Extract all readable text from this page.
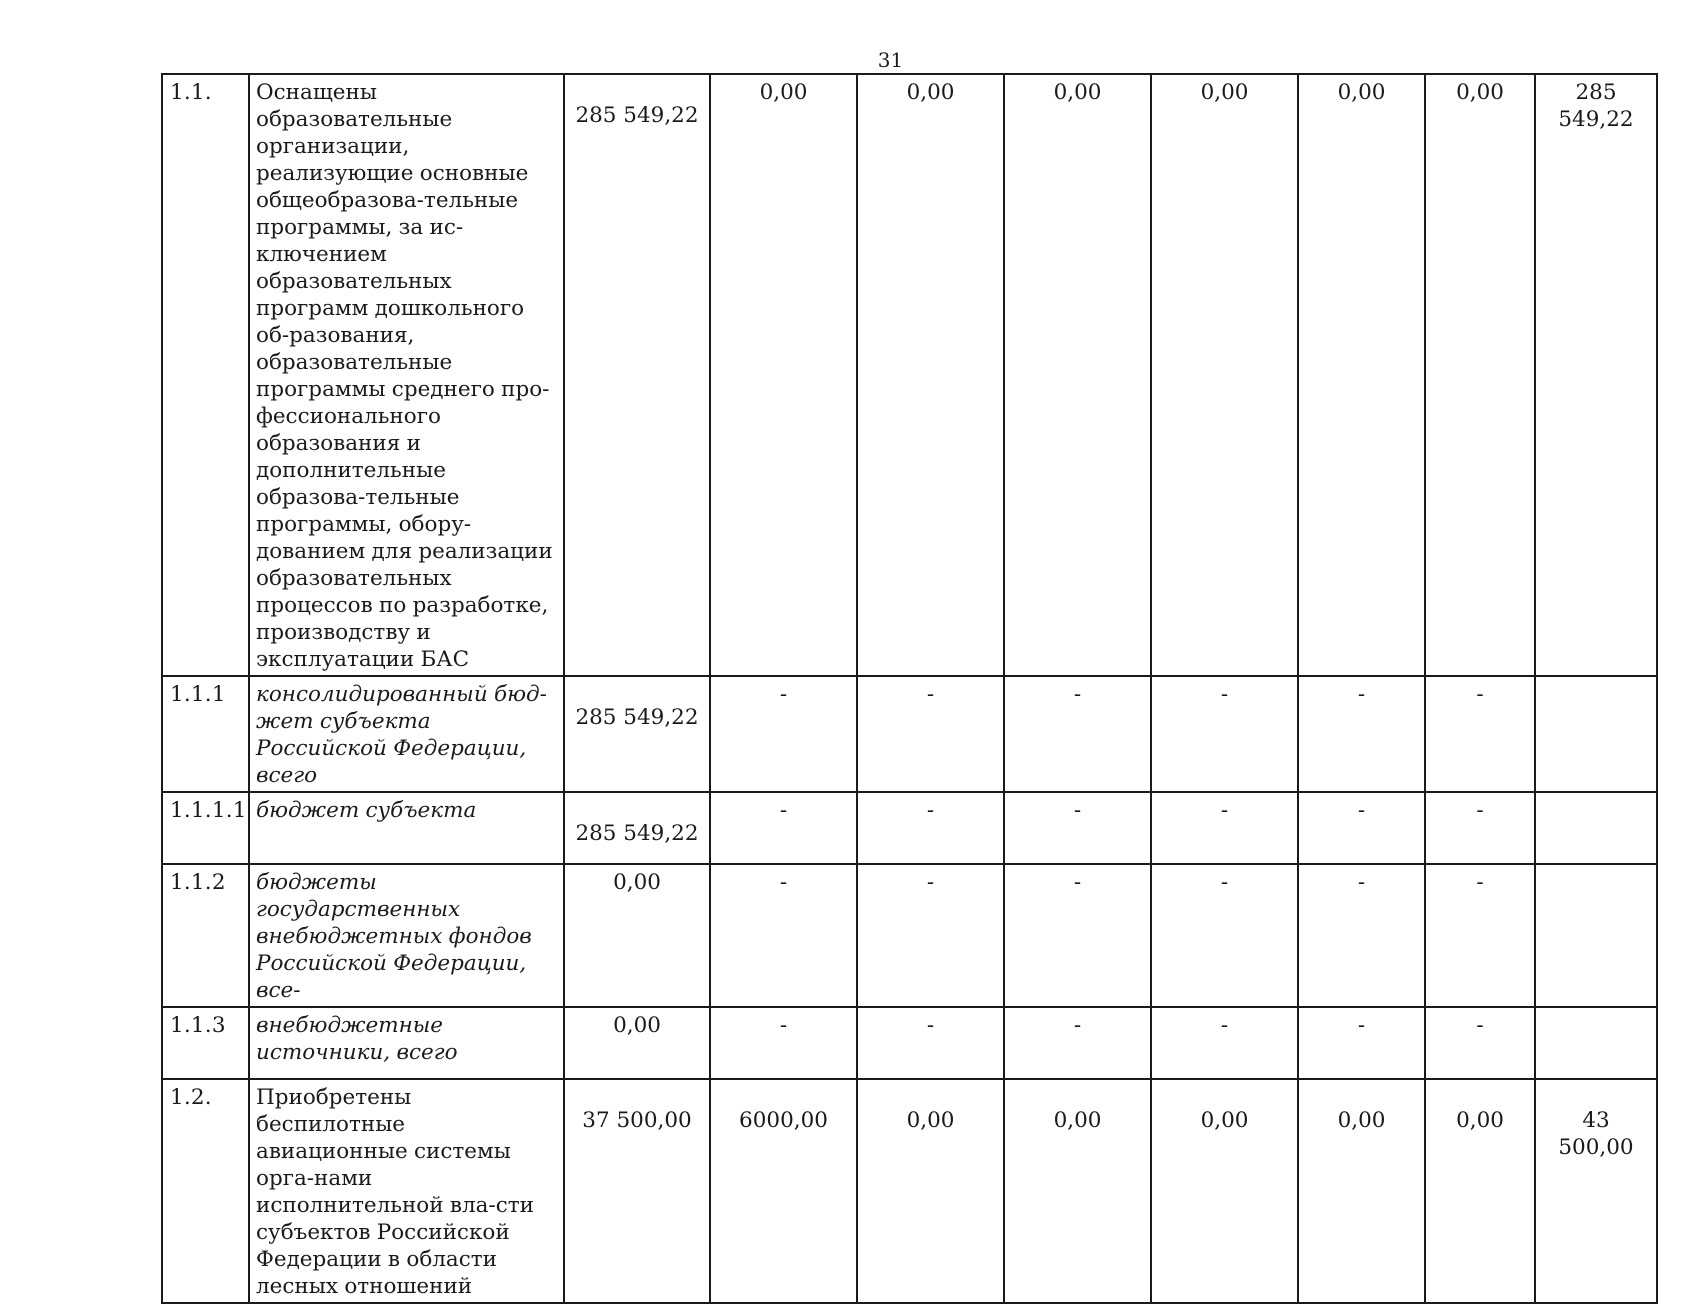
31
1.1.	Оснащены образовательные организации, реализующие основные общеобразова-тельные программы, за ис-ключением образовательных программ дошкольного об-разования, образовательные программы среднего про-фессионального образования и дополнительные образова-тельные программы, обору-дованием для реализации образовательных процессов по разработке, производству и эксплуатации БАС	285 549,22	0,00	0,00	0,00	0,00	0,00	0,00	285 549,22
1.1.1	консолидированный бюд-жет субъекта Российской Федерации, всего	285 549,22	-	-	-	-	-	-	
1.1.1.1	бюджет субъекта	285 549,22	-	-	-	-	-	-	
1.1.2	бюджеты государственных внебюджетных фондов Российской Федерации, все-	0,00	-	-	-	-	-	-	
1.1.3	внебюджетные источники, всего	0,00	-	-	-	-	-	-	
1.2.	Приобретены беспилотные авиационные системы орга-нами исполнительной вла-сти субъектов Российской Федерации в области лесных отношений	37 500,00	6000,00	0,00	0,00	0,00	0,00	0,00	43 500,00
